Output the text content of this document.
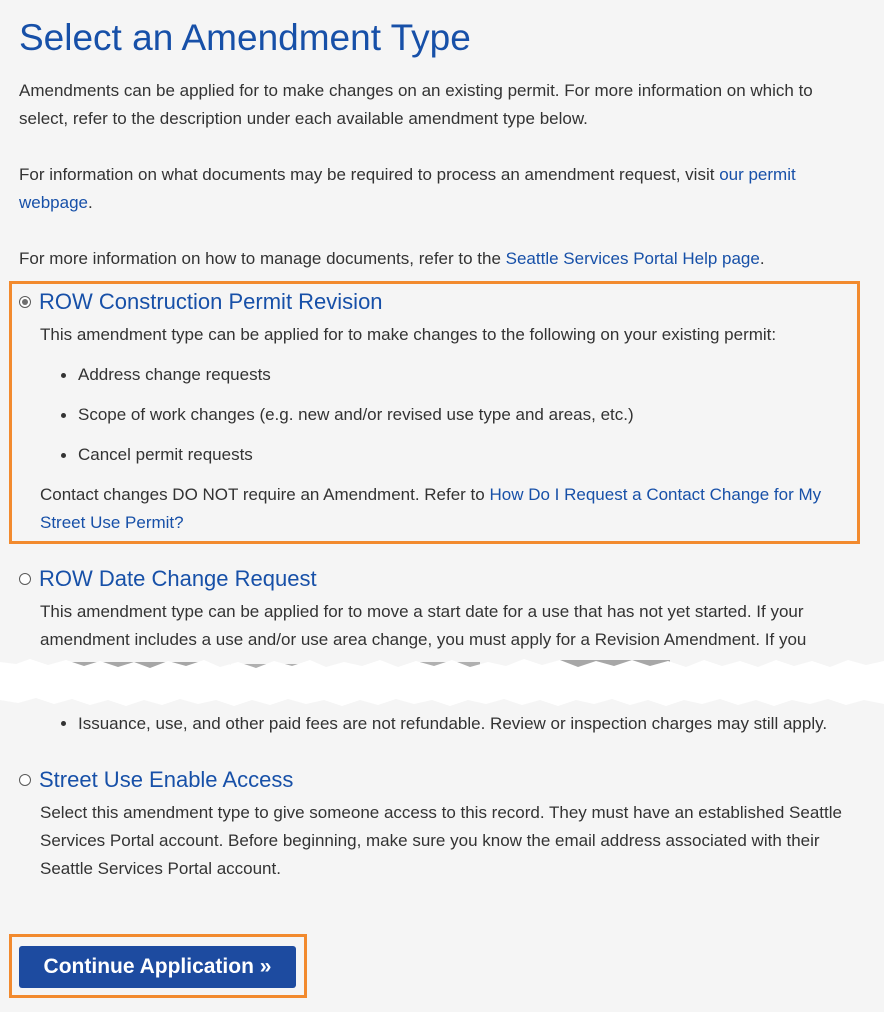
Select an Amendment Type

Amendments can be applied for to make changes on an existing permit. For more information on which to select, refer to the description under each available amendment type below.

For information on what documents may be required to process an amendment request, visit our permit webpage.

For more information on how to manage documents, refer to the Seattle Services Portal Help page.

ROW Construction Permit Revision

This amendment type can be applied for to make changes to the following on your existing permit:

Address change requests
Scope of work changes (e.g. new and/or revised use type and areas, etc.)
Cancel permit requests

Contact changes DO NOT require an Amendment. Refer to How Do I Request a Contact Change for My Street Use Permit?

ROW Date Change Request

This amendment type can be applied for to move a start date for a use that has not yet started. If your

amendment includes a use and/or use area change, you must apply for a Revision Amendment. If you

Issuance, use, and other paid fees are not refundable. Review or inspection charges may still apply.
Street Use Enable Access

Select this amendment type to give someone access to this record. They must have an established Seattle Services Portal account. Before beginning, make sure you know the email address associated with their Seattle Services Portal account.

Continue Application »
